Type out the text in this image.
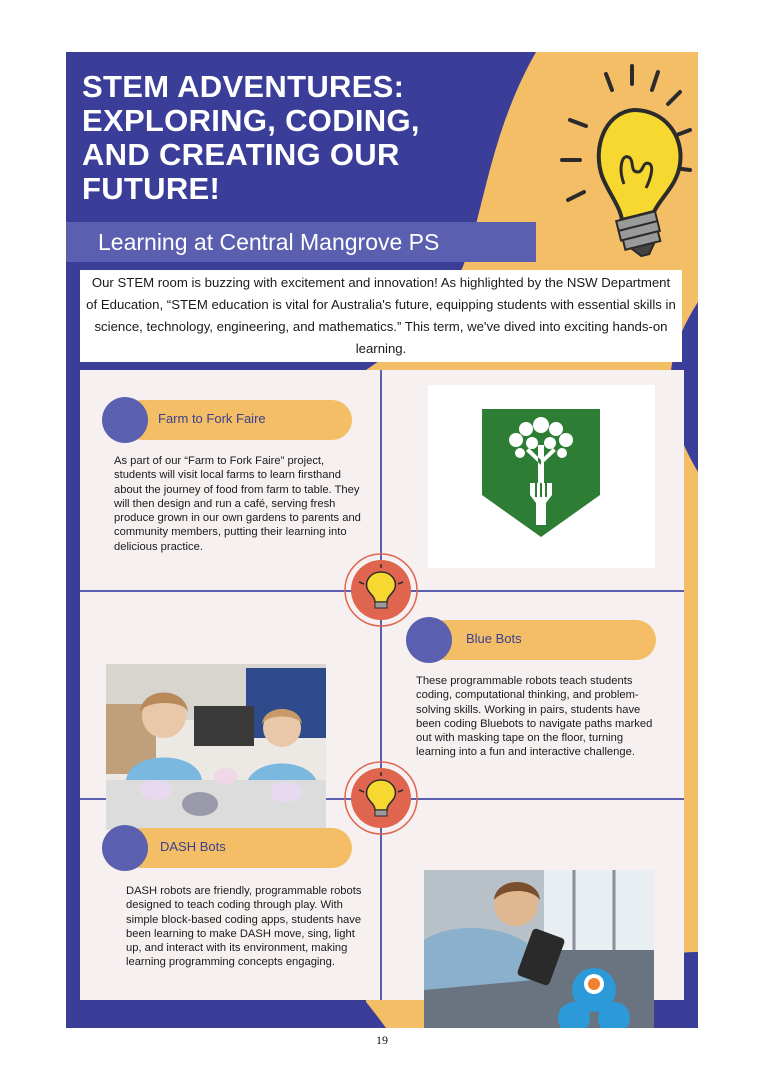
STEM ADVENTURES: EXPLORING, CODING, AND CREATING OUR FUTURE!
Learning at Central Mangrove PS
Our STEM room is buzzing with excitement and innovation! As highlighted by the NSW Department of Education, “STEM education is vital for Australia's future, equipping students with essential skills in science, technology, engineering, and mathematics.” This term, we've dived into exciting hands-on learning.
Farm to Fork Faire
As part of our “Farm to Fork Faire” project, students will visit local farms to learn firsthand about the journey of food from farm to table. They will then design and run a café, serving fresh produce grown in our own gardens to parents and community members, putting their learning into delicious practice.
Blue Bots
These programmable robots teach students coding, computational thinking, and problem-solving skills. Working in pairs, students have been coding Bluebots to navigate paths marked out with masking tape on the floor, turning learning into a fun and interactive challenge.
DASH Bots
DASH robots are friendly, programmable robots designed to teach coding through play. With simple block-based coding apps, students have been learning to make DASH move, sing, light up, and interact with its environment, making learning programming concepts engaging.
19
